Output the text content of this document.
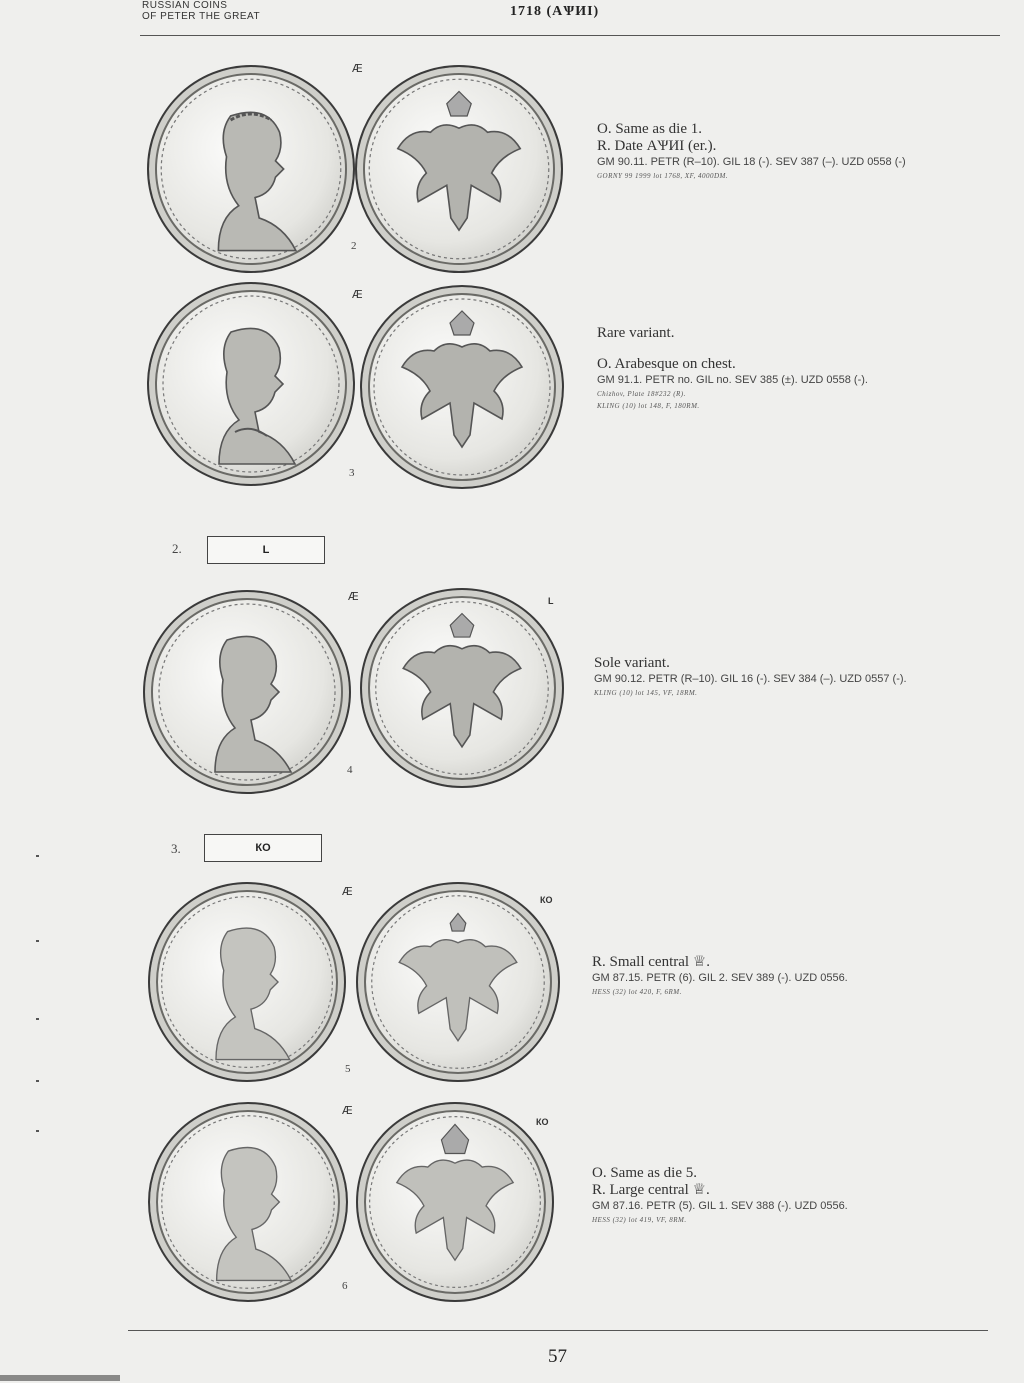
RUSSIAN COINS
OF PETER THE GREAT	1718 (АѰИІ)
Æ
2
O. Same as die 1.
R. Date АѰИІ (er.).
GM 90.11. PETR (R–10). GIL 18 (-). SEV 387 (–). UZD 0558 (-)
GORNY 99 1999 lot 1768, XF, 4000DM.
Æ
3
Rare variant.
O. Arabesque on chest.
GM 91.1. PETR no. GIL no. SEV 385 (±). UZD 0558 (-).
Chizhov, Plate 18#232 (R).
KLING (10) lot 148, F, 180RM.
2.	L
Æ	L
4
Sole variant.
GM 90.12. PETR (R–10). GIL 16 (-). SEV 384 (–). UZD 0557 (-).
KLING (10) lot 145, VF, 18RM.
3.	КО
Æ
КО
5
R. Small central ♕.
GM 87.15. PETR (6). GIL 2. SEV 389 (-). UZD 0556.
HESS (32) lot 420, F, 6RM.
Æ
КО
6
O. Same as die 5.
R. Large central ♕.
GM 87.16. PETR (5). GIL 1. SEV 388 (-). UZD 0556.
HESS (32) lot 419, VF, 8RM.
57
